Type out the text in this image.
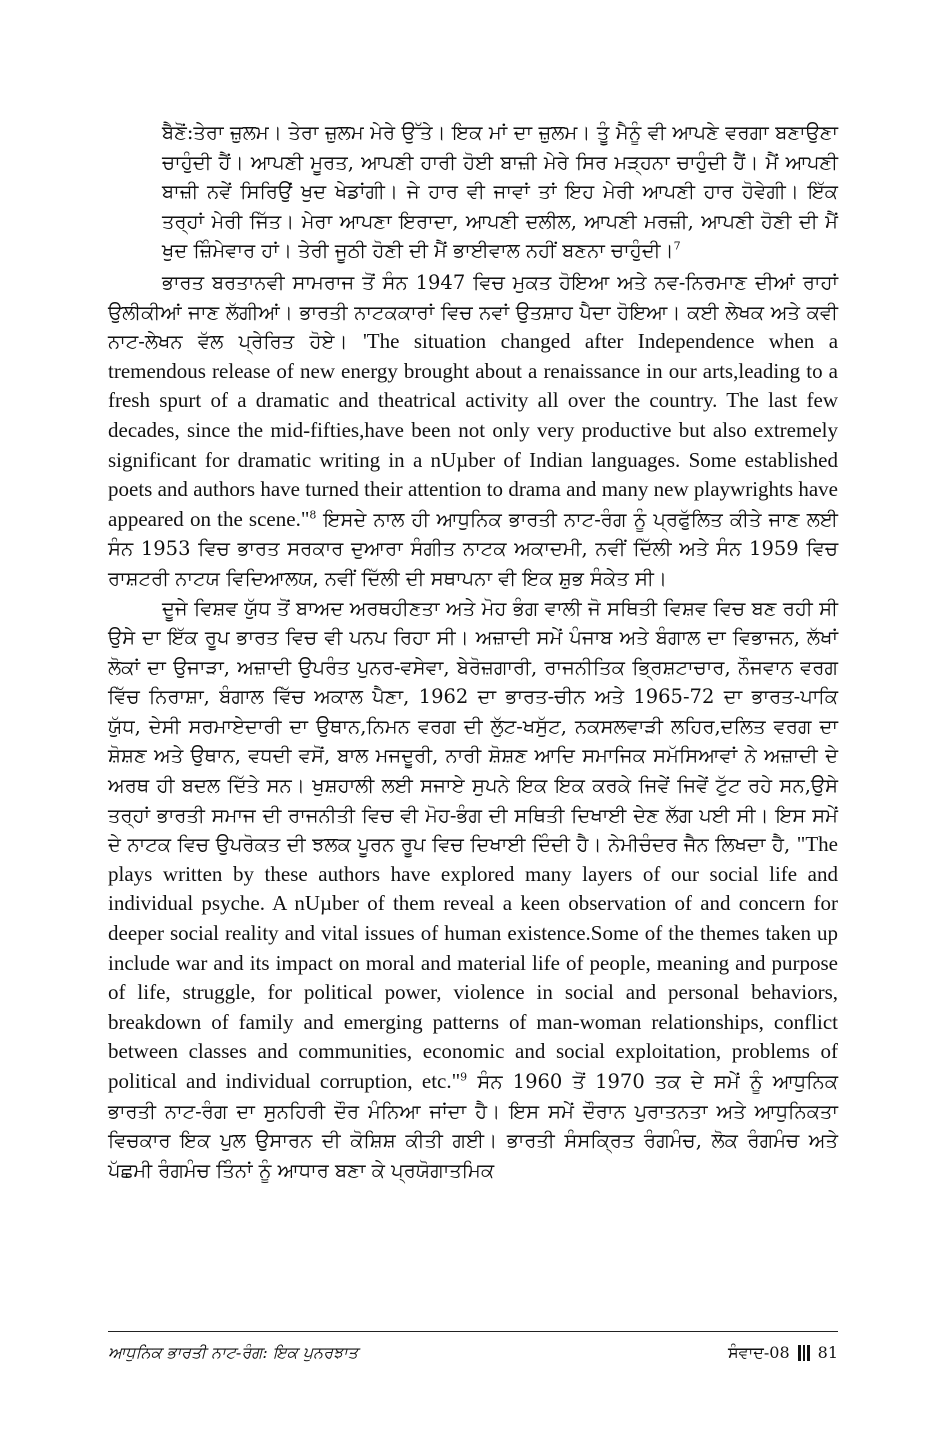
ਬੈਣੋਂ:ਤੇਰਾ ਜ਼ੁਲਮ। ਤੇਰਾ ਜ਼ੁਲਮ ਮੇਰੇ ਉੱਤੇ। ਇਕ ਮਾਂ ਦਾ ਜ਼ੁਲਮ। ਤੂੰ ਮੈਨੂੰ ਵੀ ਆਪਣੇ ਵਰਗਾ ਬਣਾਉਣਾ ਚਾਹੁੰਦੀ ਹੈਂ। ਆਪਣੀ ਮੂਰਤ, ਆਪਣੀ ਹਾਰੀ ਹੋਈ ਬਾਜ਼ੀ ਮੇਰੇ ਸਿਰ ਮੜ੍ਹਨਾ ਚਾਹੁੰਦੀ ਹੈਂ। ਮੈਂ ਆਪਣੀ ਬਾਜ਼ੀ ਨਵੇਂ ਸਿਰਿਉਂ ਖੁਦ ਖੇਡਾਂਗੀ। ਜੇ ਹਾਰ ਵੀ ਜਾਵਾਂ ਤਾਂ ਇਹ ਮੇਰੀ ਆਪਣੀ ਹਾਰ ਹੋਵੇਗੀ। ਇੱਕ ਤਰ੍ਹਾਂ ਮੇਰੀ ਜਿੱਤ। ਮੇਰਾ ਆਪਣਾ ਇਰਾਦਾ, ਆਪਣੀ ਦਲੀਲ, ਆਪਣੀ ਮਰਜ਼ੀ, ਆਪਣੀ ਹੋਣੀ ਦੀ ਮੈਂ ਖੁਦ ਜ਼ਿੰਮੇਵਾਰ ਹਾਂ। ਤੇਰੀ ਜੂਠੀ ਹੋਣੀ ਦੀ ਮੈਂ ਭਾਈਵਾਲ ਨਹੀਂ ਬਣਨਾ ਚਾਹੁੰਦੀ।$^7$

ਭਾਰਤ ਬਰਤਾਨਵੀ ਸਾਮਰਾਜ ਤੋਂ ਸੰਨ 1947 ਵਿਚ ਮੁਕਤ ਹੋਇਆ ਅਤੇ ਨਵ-ਨਿਰਮਾਣ ਦੀਆਂ ਰਾਹਾਂ ਉਲੀਕੀਆਂ ਜਾਣ ਲੱਗੀਆਂ। ਭਾਰਤੀ ਨਾਟਕਕਾਰਾਂ ਵਿਚ ਨਵਾਂ ਉਤਸ਼ਾਹ ਪੈਦਾ ਹੋਇਆ। ਕਈ ਲੇਖਕ ਅਤੇ ਕਵੀ ਨਾਟ-ਲੇਖਨ ਵੱਲ ਪ੍ਰੇਰਿਤ ਹੋਏ। 'The situation changed after Independence when a tremendous release of new energy brought about a renaissance in our arts,leading to a fresh spurt of a dramatic and theatrical activity all over the country. The last few decades, since the mid-fifties,have been not only very productive but also extremely significant for dramatic writing in a nUµber of Indian languages. Some established poets and authors have turned their attention to drama and many new playwrights have appeared on the scene."$^8$ ਇਸਦੇ ਨਾਲ ਹੀ ਆਧੁਨਿਕ ਭਾਰਤੀ ਨਾਟ-ਰੰਗ ਨੂੰ ਪ੍ਰਫੁੱਲਿਤ ਕੀਤੇ ਜਾਣ ਲਈ ਸੰਨ 1953 ਵਿਚ ਭਾਰਤ ਸਰਕਾਰ ਦੁਆਰਾ ਸੰਗੀਤ ਨਾਟਕ ਅਕਾਦਮੀ, ਨਵੀਂ ਦਿੱਲੀ ਅਤੇ ਸੰਨ 1959 ਵਿਚ ਰਾਸ਼ਟਰੀ ਨਾਟਯ ਵਿਦਿਆਲਯ, ਨਵੀਂ ਦਿੱਲੀ ਦੀ ਸਥਾਪਨਾ ਵੀ ਇਕ ਸ਼ੁਭ ਸੰਕੇਤ ਸੀ।

ਦੂਜੇ ਵਿਸ਼ਵ ਯੁੱਧ ਤੋਂ ਬਾਅਦ ਅਰਥਹੀਣਤਾ ਅਤੇ ਮੋਹ ਭੰਗ ਵਾਲੀ ਜੋ ਸਥਿਤੀ ਵਿਸ਼ਵ ਵਿਚ ਬਣ ਰਹੀ ਸੀ ਉਸੇ ਦਾ ਇੱਕ ਰੂਪ ਭਾਰਤ ਵਿਚ ਵੀ ਪਨਪ ਰਿਹਾ ਸੀ। ਅਜ਼ਾਦੀ ਸਮੇਂ ਪੰਜਾਬ ਅਤੇ ਬੰਗਾਲ ਦਾ ਵਿਭਾਜਨ, ਲੱਖਾਂ ਲੋਕਾਂ ਦਾ ਉਜਾੜਾ, ਅਜ਼ਾਦੀ ਉਪਰੰਤ ਪੁਨਰ-ਵਸੇਵਾ, ਬੇਰੋਜ਼ਗਾਰੀ, ਰਾਜਨੀਤਿਕ ਭ੍ਰਿਸ਼ਟਾਚਾਰ, ਨੌਜਵਾਨ ਵਰਗ ਵਿੱਚ ਨਿਰਾਸ਼ਾ, ਬੰਗਾਲ ਵਿੱਚ ਅਕਾਲ ਪੈਣਾ, 1962 ਦਾ ਭਾਰਤ-ਚੀਨ ਅਤੇ 1965-72 ਦਾ ਭਾਰਤ-ਪਾਕਿ ਯੁੱਧ, ਦੇਸੀ ਸਰਮਾਏਦਾਰੀ ਦਾ ਉਥਾਨ,ਨਿਮਨ ਵਰਗ ਦੀ ਲੁੱਟ-ਖਸੁੱਟ, ਨਕਸਲਵਾੜੀ ਲਹਿਰ,ਦਲਿਤ ਵਰਗ ਦਾ ਸ਼ੋਸ਼ਣ ਅਤੇ ਉਥਾਨ, ਵਧਦੀ ਵਸੋਂ, ਬਾਲ ਮਜਦੂਰੀ, ਨਾਰੀ ਸ਼ੋਸ਼ਣ ਆਦਿ ਸਮਾਜਿਕ ਸਮੱਸਿਆਵਾਂ ਨੇ ਅਜ਼ਾਦੀ ਦੇ ਅਰਥ ਹੀ ਬਦਲ ਦਿੱਤੇ ਸਨ। ਖੁਸ਼ਹਾਲੀ ਲਈ ਸਜਾਏ ਸੁਪਨੇ ਇਕ ਇਕ ਕਰਕੇ ਜਿਵੇਂ ਜਿਵੇਂ ਟੁੱਟ ਰਹੇ ਸਨ,ਉਸੇ ਤਰ੍ਹਾਂ ਭਾਰਤੀ ਸਮਾਜ ਦੀ ਰਾਜਨੀਤੀ ਵਿਚ ਵੀ ਮੋਹ-ਭੰਗ ਦੀ ਸਥਿਤੀ ਦਿਖਾਈ ਦੇਣ ਲੱਗ ਪਈ ਸੀ। ਇਸ ਸਮੇਂ ਦੇ ਨਾਟਕ ਵਿਚ ਉਪਰੋਕਤ ਦੀ ਝਲਕ ਪੂਰਨ ਰੂਪ ਵਿਚ ਦਿਖਾਈ ਦਿੰਦੀ ਹੈ। ਨੇਮੀਚੰਦਰ ਜੈਨ ਲਿਖਦਾ ਹੈ, "The plays written by these authors have explored many layers of our social life and individual psyche. A nUµber of them reveal a keen observation of and concern for deeper social reality and vital issues of human existence.Some of the themes taken up include war and its impact on moral and material life of people, meaning and purpose of life, struggle, for political power, violence in social and personal behaviors, breakdown of family and emerging patterns of man-woman relationships, conflict between classes and communities, economic and social exploitation, problems of political and individual corruption, etc."$^9$ ਸੰਨ 1960 ਤੋਂ 1970 ਤਕ ਦੇ ਸਮੇਂ ਨੂੰ ਆਧੁਨਿਕ ਭਾਰਤੀ ਨਾਟ-ਰੰਗ ਦਾ ਸੁਨਹਿਰੀ ਦੌਰ ਮੰਨਿਆ ਜਾਂਦਾ ਹੈ। ਇਸ ਸਮੇਂ ਦੌਰਾਨ ਪੁਰਾਤਨਤਾ ਅਤੇ ਆਧੁਨਿਕਤਾ ਵਿਚਕਾਰ ਇਕ ਪੁਲ ਉਸਾਰਨ ਦੀ ਕੋਸ਼ਿਸ਼ ਕੀਤੀ ਗਈ। ਭਾਰਤੀ ਸੰਸਕ੍ਰਿਤ ਰੰਗਮੰਚ, ਲੋਕ ਰੰਗਮੰਚ ਅਤੇ ਪੱਛਮੀ ਰੰਗਮੰਚ ਤਿੰਨਾਂ ਨੂੰ ਆਧਾਰ ਬਣਾ ਕੇ ਪ੍ਰਯੋਗਾਤਮਿਕ

ਆਧੁਨਿਕ ਭਾਰਤੀ ਨਾਟ-ਰੰਗ: ਇਕ ਪੁਨਰਝਾਤ	ਸੰਵਾਦ-08 81
